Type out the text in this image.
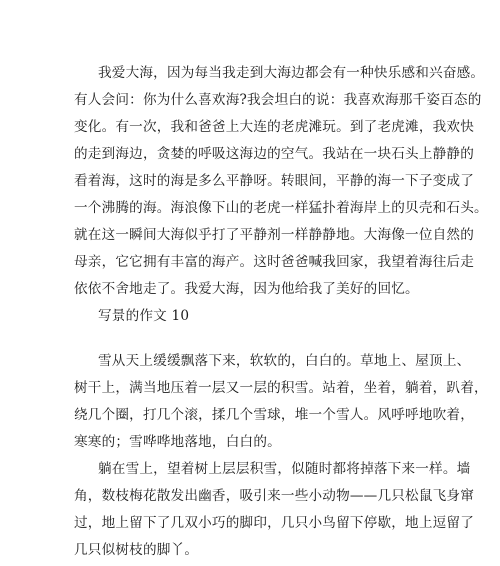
我爱大海，因为每当我走到大海边都会有一种快乐感和兴奋感。
有人会问：你为什么喜欢海?我会坦白的说：我喜欢海那千姿百态的
变化。有一次，我和爸爸上大连的老虎滩玩。到了老虎滩，我欢快
的走到海边，贪婪的呼吸这海边的空气。我站在一块石头上静静的
看着海，这时的海是多么平静呀。转眼间，平静的海一下子变成了
一个沸腾的海。海浪像下山的老虎一样猛扑着海岸上的贝壳和石头。
就在这一瞬间大海似乎打了平静剂一样静静地。大海像一位自然的
母亲，它它拥有丰富的海产。这时爸爸喊我回家，我望着海往后走
依依不舍地走了。我爱大海，因为他给我了美好的回忆。
写景的作文 10
雪从天上缓缓飘落下来，软软的，白白的。草地上、屋顶上、
树干上，满当地压着一层又一层的积雪。站着，坐着，躺着，趴着，
绕几个圈，打几个滚，揉几个雪球，堆一个雪人。风呼呼地吹着，
寒寒的；雪哗哗地落地，白白的。
躺在雪上，望着树上层层积雪，似随时都将掉落下来一样。墙
角，数枝梅花散发出幽香，吸引来一些小动物——几只松鼠飞身窜
过，地上留下了几双小巧的脚印，几只小鸟留下停歇，地上逗留了
几只似树枝的脚丫。
